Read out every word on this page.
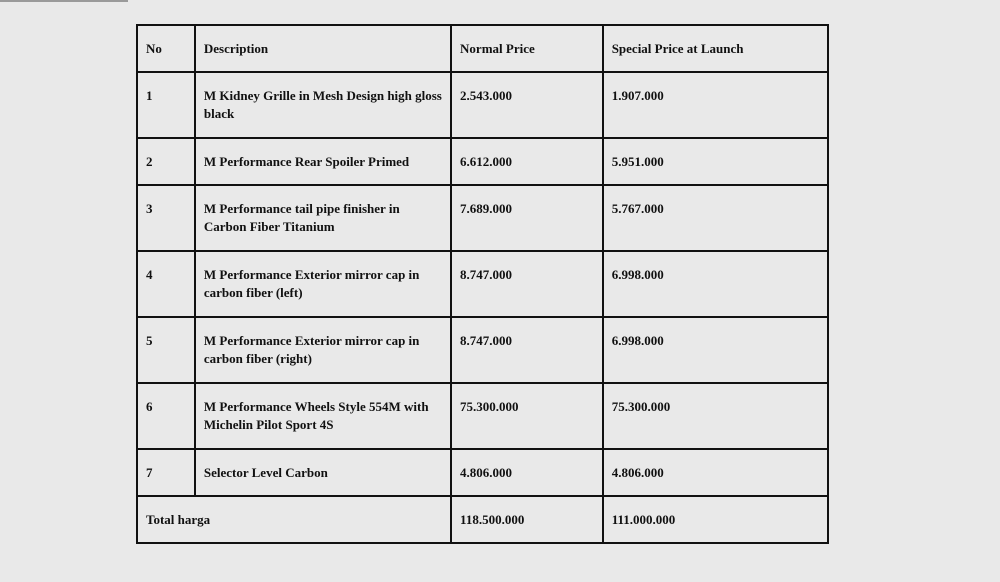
No	Description	Normal Price	Special Price at Launch
1	M Kidney Grille in Mesh Design high gloss black	2.543.000	1.907.000
2	M Performance Rear Spoiler Primed	6.612.000	5.951.000
3	M Performance tail pipe finisher in Carbon Fiber Titanium	7.689.000	5.767.000
4	M Performance Exterior mirror cap in carbon fiber (left)	8.747.000	6.998.000
5	M Performance Exterior mirror cap in carbon fiber (right)	8.747.000	6.998.000
6	M Performance Wheels Style 554M with Michelin Pilot Sport 4S	75.300.000	75.300.000
7	Selector Level Carbon	4.806.000	4.806.000
Total harga		118.500.000	111.000.000
